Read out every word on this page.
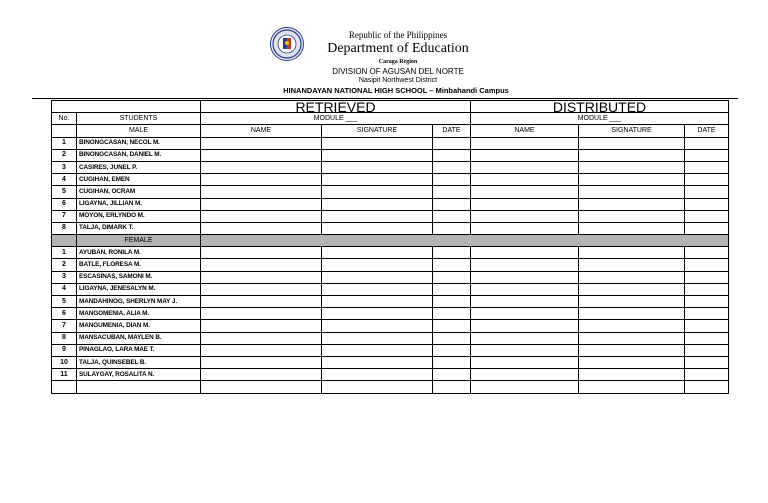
Republic of the Philippines
Department of Education
Caraga Region
DIVISION OF AGUSAN DEL NORTE
Nasipit Northwest District
HINANDAYAN NATIONAL HIGH SCHOOL – Minbahandi Campus
		RETRIEVED			DISTRIBUTED		
No.	STUDENTS	MODULE ___			MODULE ___		
	MALE	NAME	SIGNATURE	DATE	NAME	SIGNATURE	DATE
1	BINONGCASAN, NECOL M.						
2	BINONGCASAN, DANIEL M.						
3	CASIRES, JUNEL P.						
4	CUGIHAN, EMEN						
5	CUGIHAN, OCRAM						
6	LIGAYNA, JILLIAN M.						
7	MOYON, ERLYNDO M.						
8	TALJA, DIMARK T.						
	FEMALE						
1	AYUBAN, RONILA M.						
2	BATLE, FLORESA M.						
3	ESCASINAS, SAMONI M.						
4	LIGAYNA, JENESALYN M.						
5	MANDAHINOG, SHERLYN MAY J.						
6	MANGOMENIA, ALIA M.						
7	MANGUMENIA, DIAN M.						
8	MANSACUBAN, MAYLEN B.						
9	PINAGLAO, LARA MAE T.						
10	TALJA, QUINSEBEL B.						
11	SULAYGAY, ROSALITA N.						
